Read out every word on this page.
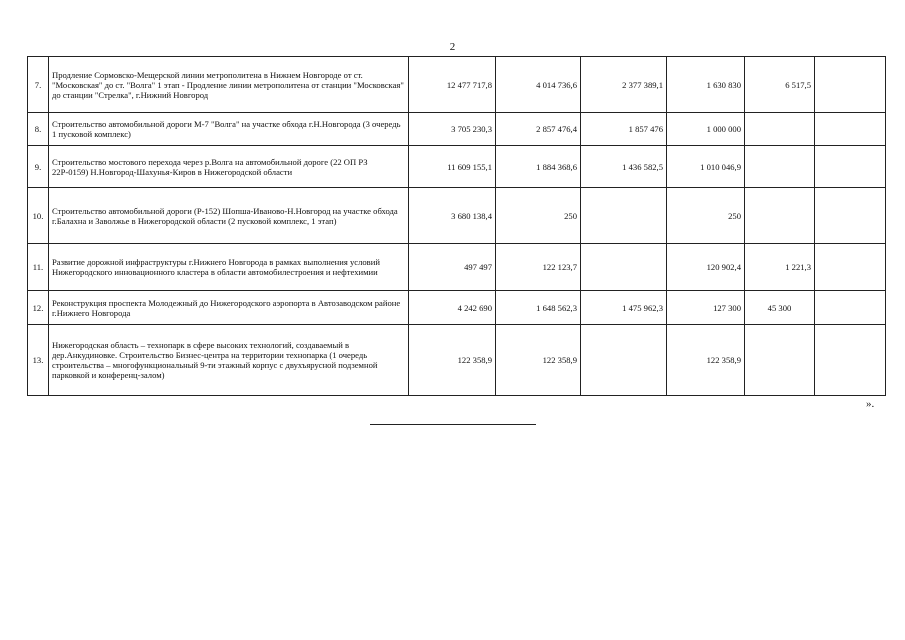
2
7.	Продление Сормовско-Мещерской линии метрополитена в Нижнем Новгороде от ст. "Московская" до ст. "Волга" 1 этап - Продление линии метрополитена от станции "Московская" до станции "Стрелка", г.Нижний Новгород	12 477 717,8	4 014 736,6	2 377 389,1	1 630 830	6 517,5	
8.	Строительство автомобильной дороги М-7 "Волга" на участке обхода г.Н.Новгорода (3 очередь 1 пусковой комплекс)	3 705 230,3	2 857 476,4	1 857 476	1 000 000		
9.	Строительство мостового перехода через р.Волга на автомобильной дороге (22 ОП РЗ 22Р-0159) Н.Новгород-Шахунья-Киров в Нижегородской области	11 609 155,1	1 884 368,6	1 436 582,5	1 010 046,9		
10.	Строительство автомобильной дороги (Р-152) Шопша-Иваново-Н.Новгород на участке обхода г.Балахна и Заволжье в Нижегородской области (2 пусковой комплекс, 1 этап)	3 680 138,4	250		250		
11.	Развитие дорожной инфраструктуры г.Нижнего Новгорода в рамках выполнения условий Нижегородского инновационного кластера в области автомобилестроения и нефтехимии	497 497	122 123,7		120 902,4	1 221,3	
12.	Реконструкция проспекта Молодежный до Нижегородского аэропорта в Автозаводском районе г.Нижнего Новгорода	4 242 690	1 648 562,3	1 475 962,3	127 300	45 300	
13.	Нижегородская область – технопарк в сфере высоких технологий, создаваемый в дер.Анкудиновке. Строительство Бизнес-центра на территории технопарка (1 очередь строительства – многофункциональный 9-ти этажный корпус с двухъярусной подземной парковкой и конференц-залом)	122 358,9	122 358,9		122 358,9		
».
